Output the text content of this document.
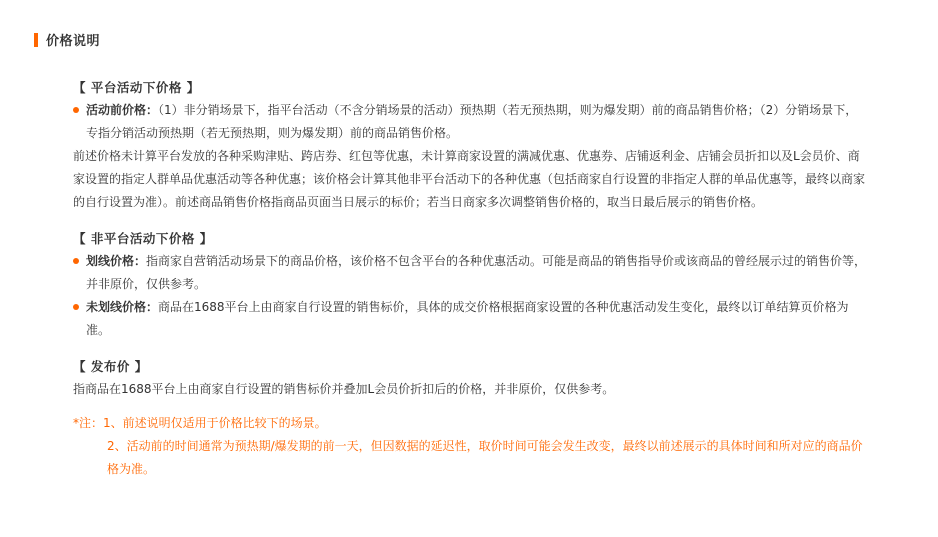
价格说明
【 平台活动下价格 】
活动前价格：（1）非分销场景下，指平台活动（不含分销场景的活动）预热期（若无预热期，则为爆发期）前的商品销售价格；（2）分销场景下，专指分销活动预热期（若无预热期，则为爆发期）前的商品销售价格。
前述价格未计算平台发放的各种采购津贴、跨店券、红包等优惠，未计算商家设置的满减优惠、优惠券、店铺返利金、店铺会员折扣以及L会员价、商家设置的指定人群单品优惠活动等各种优惠；该价格会计算其他非平台活动下的各种优惠（包括商家自行设置的非指定人群的单品优惠等，最终以商家的自行设置为准）。前述商品销售价格指商品页面当日展示的标价；若当日商家多次调整销售价格的，取当日最后展示的销售价格。
【 非平台活动下价格 】
划线价格：指商家自营销活动场景下的商品价格，该价格不包含平台的各种优惠活动。可能是商品的销售指导价或该商品的曾经展示过的销售价等，并非原价，仅供参考。
未划线价格：商品在1688平台上由商家自行设置的销售标价，具体的成交价格根据商家设置的各种优惠活动发生变化，最终以订单结算页价格为准。
【 发布价 】
指商品在1688平台上由商家自行设置的销售标价并叠加L会员价折扣后的价格，并非原价，仅供参考。
*注：1、前述说明仅适用于价格比较下的场景。
2、活动前的时间通常为预热期/爆发期的前一天，但因数据的延迟性，取价时间可能会发生改变，最终以前述展示的具体时间和所对应的商品价格为准。
